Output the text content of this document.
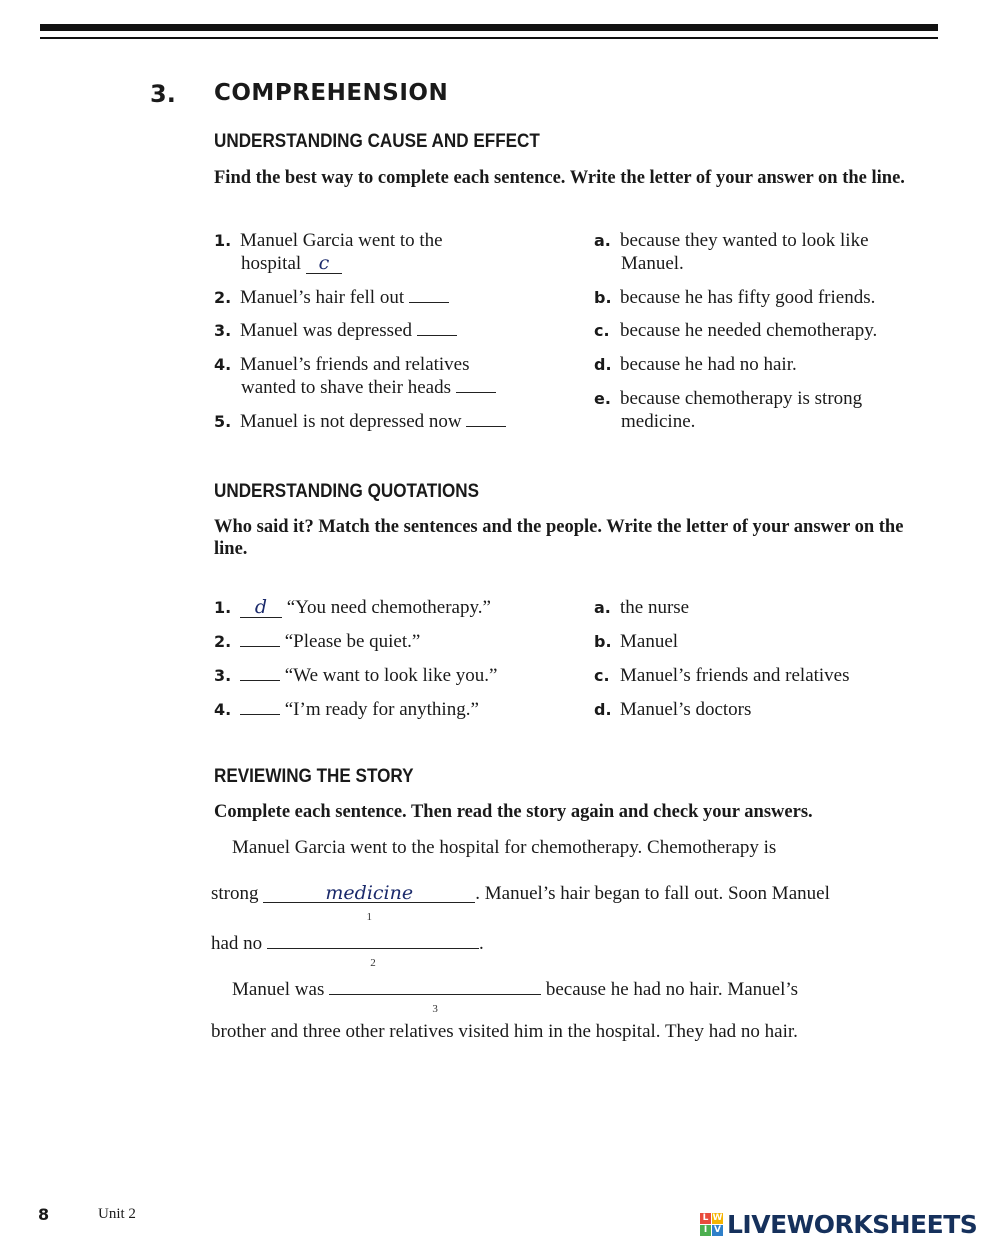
3. COMPREHENSION
UNDERSTANDING CAUSE AND EFFECT
Find the best way to complete each sentence. Write the letter of your answer on the line.
1. Manuel Garcia went to the
hospital c
2. Manuel’s hair fell out
3. Manuel was depressed
4. Manuel’s friends and relatives
wanted to shave their heads
5. Manuel is not depressed now
a. because they wanted to look like
Manuel.
b. because he has fifty good friends.
c. because he needed chemotherapy.
d. because he had no hair.
e. because chemotherapy is strong
medicine.
UNDERSTANDING QUOTATIONS
Who said it? Match the sentences and the people. Write the letter of your answer on the line.
1. d “You need chemotherapy.”
2.	“Please be quiet.”
3.	“We want to look like you.”
4.	“I’m ready for anything.”
a. the nurse
b. Manuel
c. Manuel’s friends and relatives
d. Manuel’s doctors
REVIEWING THE STORY
Complete each sentence. Then read the story again and check your answers.
Manuel Garcia went to the hospital for chemotherapy. Chemotherapy is
strong	medicine
1
. Manuel’s hair began to fall out. Soon Manuel
had no
2
.
Manuel was
3
because he had no hair. Manuel’s
brother and three other relatives visited him in the hospital. They had no hair.
8	Unit 2	L W
I V LIVEWORKSHEETS
